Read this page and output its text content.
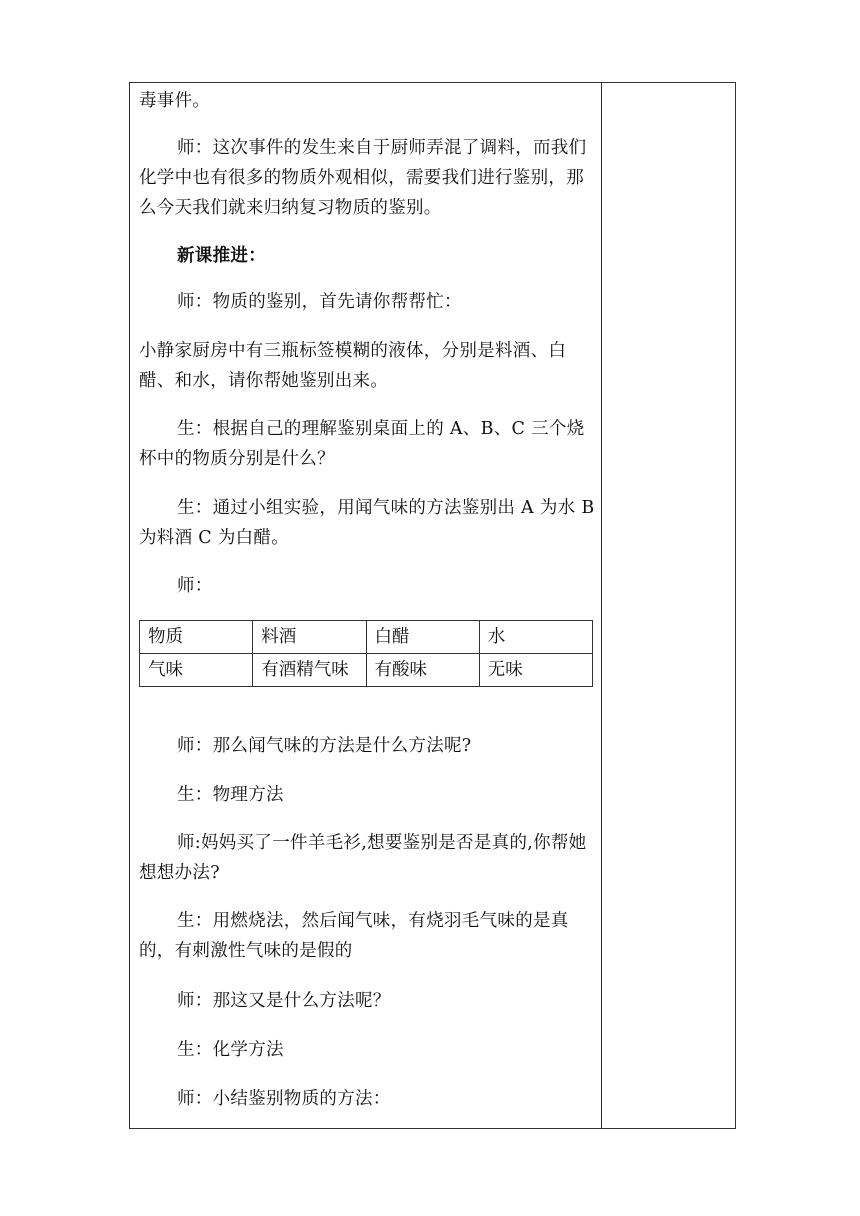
毒事件。
师：这次事件的发生来自于厨师弄混了调料，而我们化学中也有很多的物质外观相似，需要我们进行鉴别，那么今天我们就来归纳复习物质的鉴别。
新课推进：
师：物质的鉴别，首先请你帮帮忙：
小静家厨房中有三瓶标签模糊的液体，分别是料酒、白醋、和水，请你帮她鉴别出来。
生：根据自己的理解鉴别桌面上的 A、B、C 三个烧杯中的物质分别是什么？
生：通过小组实验，用闻气味的方法鉴别出 A 为水 B 为料酒 C 为白醋。
师：
物质	料酒	白醋	水
气味	有酒精气味	有酸味	无味
师：那么闻气味的方法是什么方法呢?
生：物理方法
师:妈妈买了一件羊毛衫,想要鉴别是否是真的,你帮她想想办法?
生：用燃烧法，然后闻气味，有烧羽毛气味的是真的，有刺激性气味的是假的
师：那这又是什么方法呢？
生：化学方法
师：小结鉴别物质的方法：
